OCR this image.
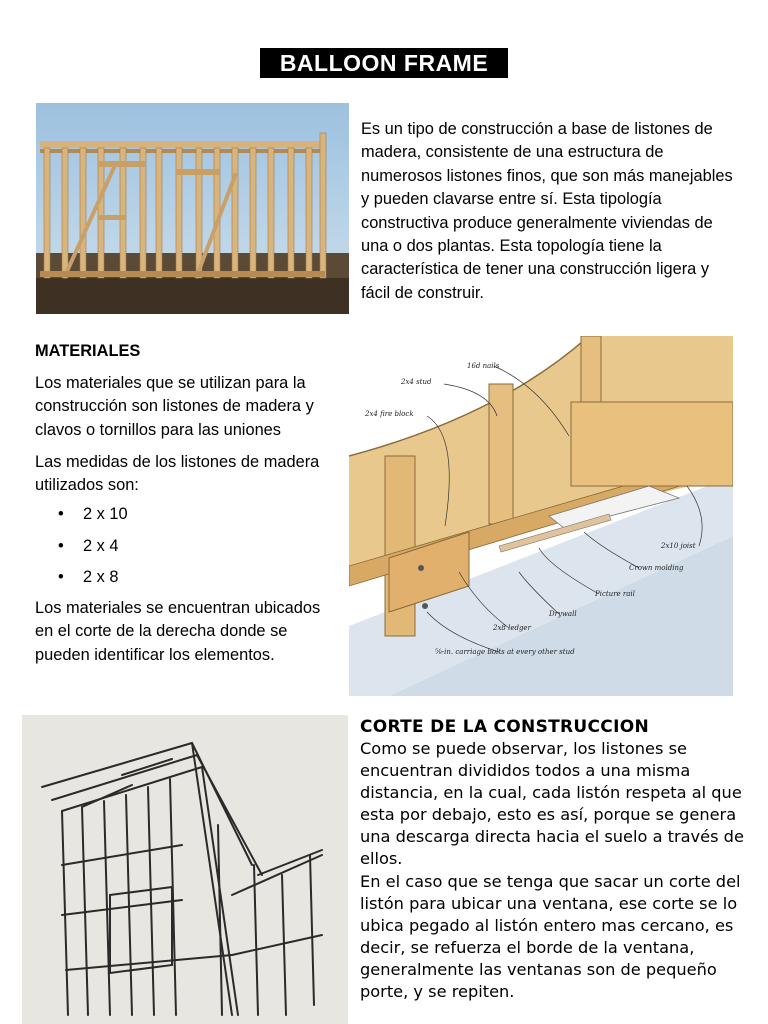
BALLOON FRAME
Es un tipo de construcción a base de listones de madera, consistente de una estructura de numerosos listones finos, que son más manejables y pueden clavarse entre sí. Esta tipología constructiva produce generalmente viviendas de una o dos plantas. Esta topología tiene la característica de tener una construcción ligera y fácil de construir.
MATERIALES
Los materiales que se utilizan para la construcción son listones de madera y clavos o tornillos para las uniones
Las medidas de los listones de madera utilizados son:
• 2 x 10
• 2 x 4
• 2 x 8
Los materiales se encuentran ubicados en el corte de la derecha donde se pueden identificar los elementos.
16d nails
2x4 stud
2x4 fire block
2x10 joist
Crown molding
Picture rail
Drywall
2x8 ledger
⅝-in. carriage bolts at every other stud
CORTE DE LA CONSTRUCCION
Como se puede observar, los listones se encuentran divididos todos a una misma distancia, en la cual, cada listón respeta al que esta por debajo, esto es así, porque se genera una descarga directa hacia el suelo a través de ellos.
En el caso que se tenga que sacar un corte del listón para ubicar una ventana, ese corte se lo ubica pegado al listón entero mas cercano, es decir, se refuerza el borde de la ventana, generalmente las ventanas son de pequeño porte, y se repiten.
